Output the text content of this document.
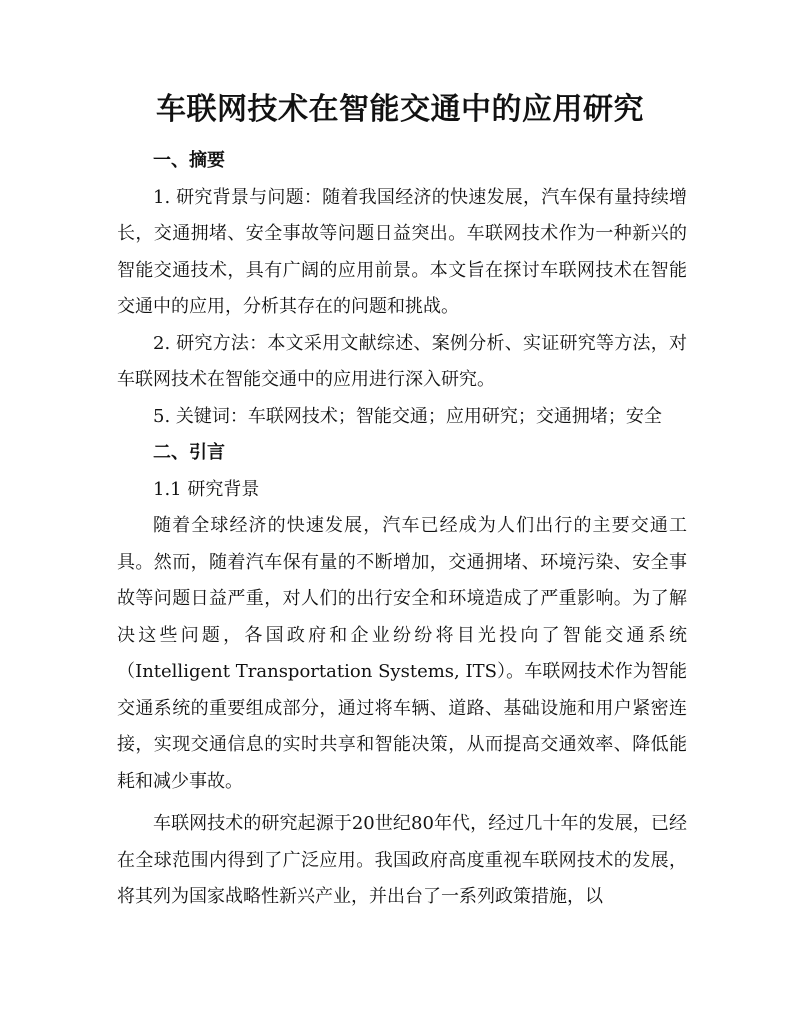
车联网技术在智能交通中的应用研究

一、摘要

1. 研究背景与问题：随着我国经济的快速发展，汽车保有量持续增长，交通拥堵、安全事故等问题日益突出。车联网技术作为一种新兴的智能交通技术，具有广阔的应用前景。本文旨在探讨车联网技术在智能交通中的应用，分析其存在的问题和挑战。

2. 研究方法：本文采用文献综述、案例分析、实证研究等方法，对车联网技术在智能交通中的应用进行深入研究。

5. 关键词：车联网技术；智能交通；应用研究；交通拥堵；安全

二、引言

1.1 研究背景

随着全球经济的快速发展，汽车已经成为人们出行的主要交通工具。然而，随着汽车保有量的不断增加，交通拥堵、环境污染、安全事故等问题日益严重，对人们的出行安全和环境造成了严重影响。为了解决这些问题，各国政府和企业纷纷将目光投向了智能交通系统（Intelligent Transportation Systems, ITS）。车联网技术作为智能交通系统的重要组成部分，通过将车辆、道路、基础设施和用户紧密连接，实现交通信息的实时共享和智能决策，从而提高交通效率、降低能耗和减少事故。

车联网技术的研究起源于20世纪80年代，经过几十年的发展，已经在全球范围内得到了广泛应用。我国政府高度重视车联网技术的发展，将其列为国家战略性新兴产业，并出台了一系列政策措施，以
